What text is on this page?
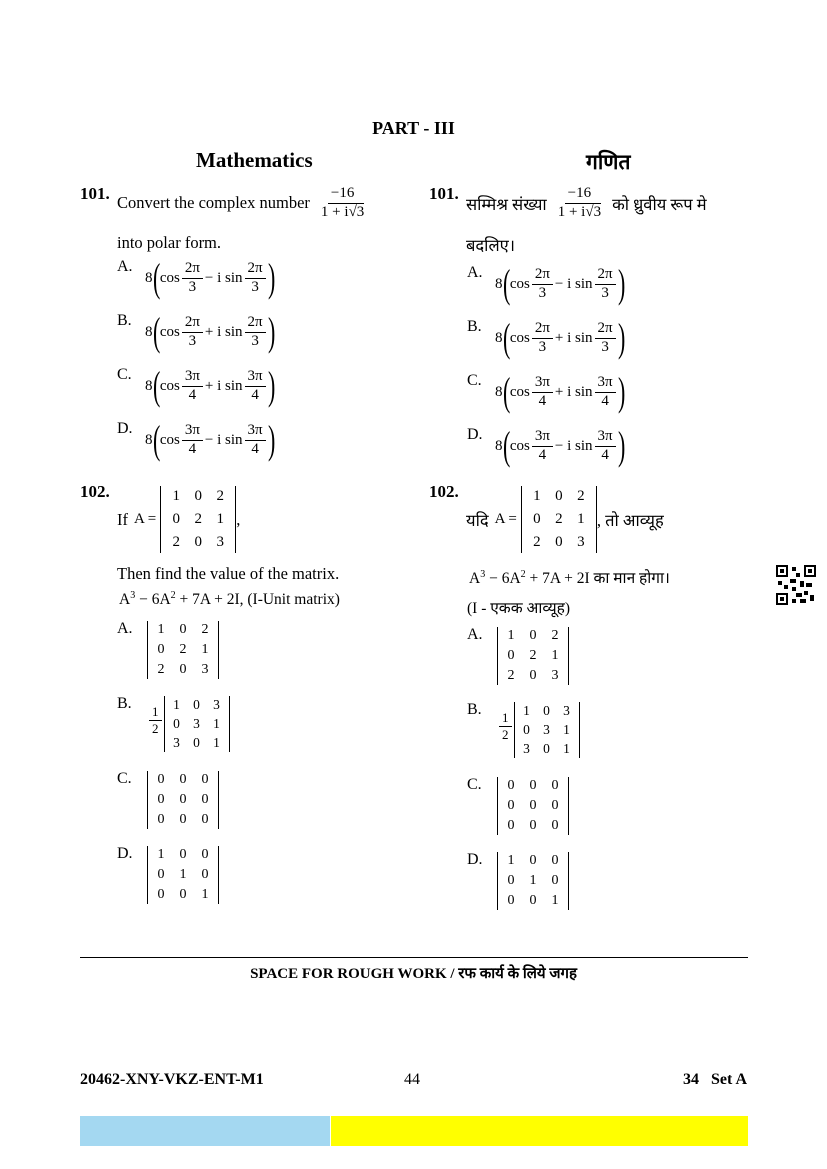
PART - III
Mathematics	गणित
101. Convert the complex number $\frac{-16}{1 + i√3}$
into polar form.
A.
8 ( $\cos \frac{2\pi}{3} - i$ $\sin \frac{2\pi}{3}$ )
B.
8 ( $\cos \frac{2\pi}{3} + i$ $\sin \frac{2\pi}{3}$ )
C.
8 ( $\cos \frac{3\pi}{4} + i$ $\sin \frac{3\pi}{4}$ )
D.
8 ( $\cos \frac{3\pi}{4} - i$ $\sin \frac{3\pi}{4}$ )
101.
सम्मिश्र संख्या $\frac{-16}{1 + i√3}$ को ध्रुवीय रूप मे
बदलिए।
A.
8 ( $\cos \frac{2\pi}{3} - i$ $\sin \frac{2\pi}{3}$ )
B.
8 ( $\cos \frac{2\pi}{3} + i$ $\sin \frac{2\pi}{3}$ )
C.
8 ( $\cos \frac{3\pi}{4} + i$ $\sin \frac{3\pi}{4}$ )
D.
8 ( $\cos \frac{3\pi}{4} - i$ $\sin \frac{3\pi}{4}$ )
102.
If A =
1 0 2
0 2 1
2 0 3
,
Then find the value of the matrix.
$A^3 - 6A^2 + 7A + 2I$, (I-Unit matrix)
A.	1	0	2
0	2	1
2	0	3
B.
$\frac{1}{2}$
1 0 3
0 3 1
3 0 1
C.	0	0	0
0	0	0
0	0	0
D.	1	0	0
0	1	0
0	0	1
102.
यदि A =
1 0 2
0 2 1
2 0 3
, तो आव्यूह
$A^3 - 6A^2 + 7A + 2I$ का मान होगा।
(I - एकक आव्यूह)
A.	1	0	2
0	2	1
2	0	3
B.
$\frac{1}{2}$
1 0 3
0 3 1
3 0 1
C.	0	0	0
0	0	0
0	0	0
D.	1	0	0
0	1	0
0	0	1
SPACE FOR ROUGH WORK / रफ कार्य के लिये जगह
20462-XNY-VKZ-ENT-M1	44	34   Set A
